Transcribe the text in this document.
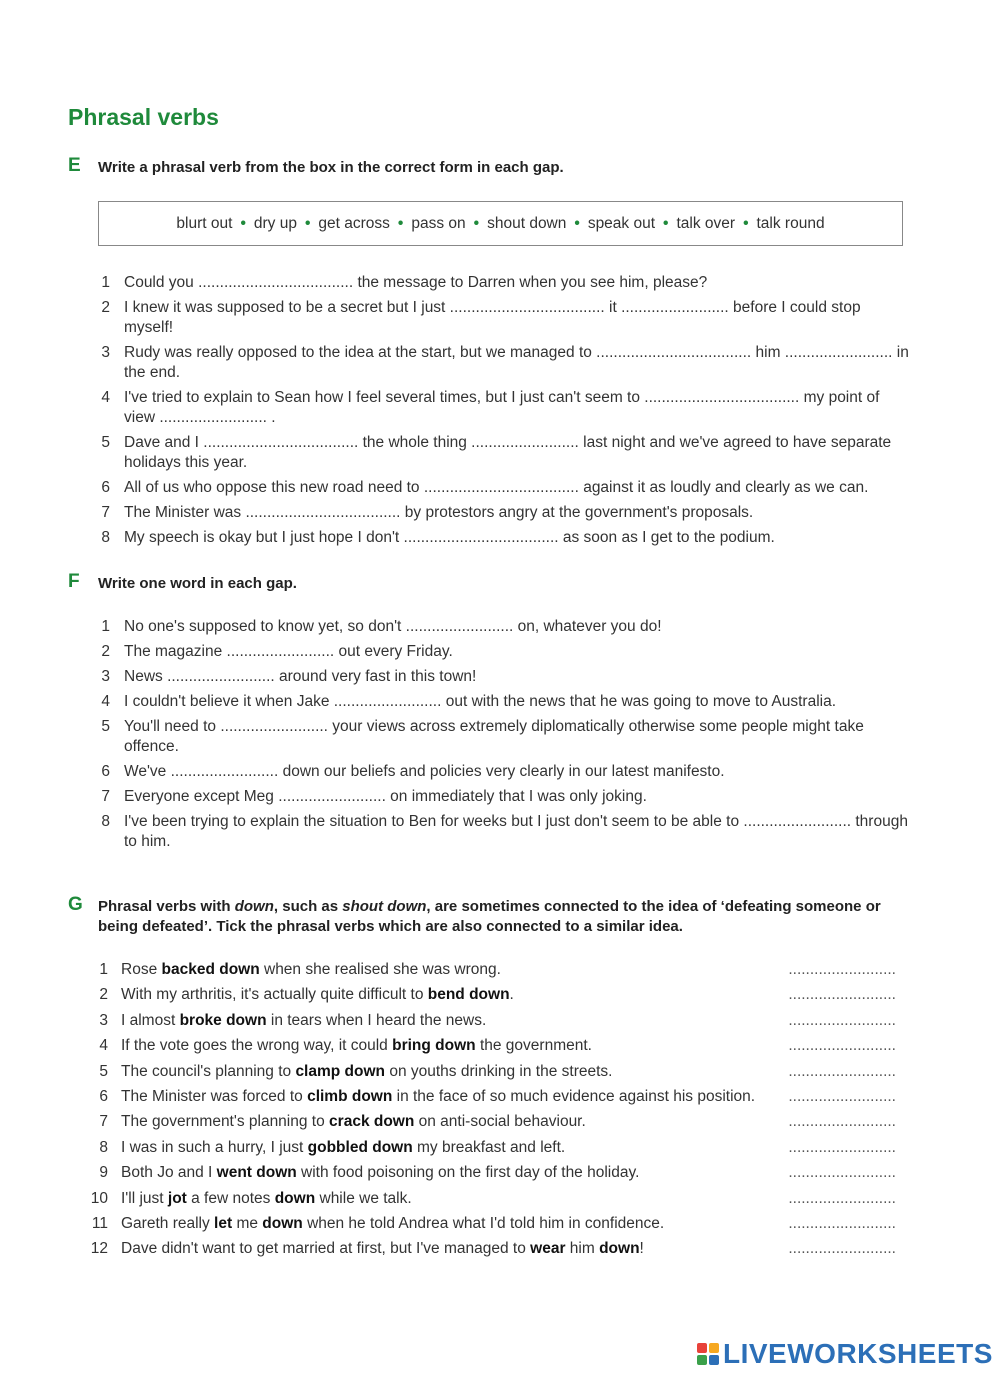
Phrasal verbs
E	Write a phrasal verb from the box in the correct form in each gap.
blurt out • dry up • get across • pass on • shout down • speak out • talk over • talk round
1 Could you .................................... the message to Darren when you see him, please?
2 I knew it was supposed to be a secret but I just .................................... it ......................... before I could stop myself!
3 Rudy was really opposed to the idea at the start, but we managed to .................................... him ......................... in the end.
4 I've tried to explain to Sean how I feel several times, but I just can't seem to .................................... my point of view ......................... .
5 Dave and I .................................... the whole thing ......................... last night and we've agreed to have separate holidays this year.
6 All of us who oppose this new road need to .................................... against it as loudly and clearly as we can.
7 The Minister was .................................... by protestors angry at the government's proposals.
8 My speech is okay but I just hope I don't .................................... as soon as I get to the podium.
F	Write one word in each gap.
1 No one's supposed to know yet, so don't ......................... on, whatever you do!
2 The magazine ......................... out every Friday.
3 News ......................... around very fast in this town!
4 I couldn't believe it when Jake ......................... out with the news that he was going to move to Australia.
5 You'll need to ......................... your views across extremely diplomatically otherwise some people might take offence.
6 We've ......................... down our beliefs and policies very clearly in our latest manifesto.
7 Everyone except Meg ......................... on immediately that I was only joking.
8 I've been trying to explain the situation to Ben for weeks but I just don't seem to be able to ......................... through to him.
G	Phrasal verbs with down, such as shout down, are sometimes connected to the idea of ‘defeating someone or being defeated’. Tick the phrasal verbs which are also connected to a similar idea.
1 Rose backed down when she realised she was wrong.	.........................
2 With my arthritis, it's actually quite difficult to bend down.	.........................
3 I almost broke down in tears when I heard the news.	.........................
4 If the vote goes the wrong way, it could bring down the government.	.........................
5 The council's planning to clamp down on youths drinking in the streets.	.........................
6 The Minister was forced to climb down in the face of so much evidence against his position. .........................
7 The government's planning to crack down on anti-social behaviour.	.........................
8 I was in such a hurry, I just gobbled down my breakfast and left.	.........................
9 Both Jo and I went down with food poisoning on the first day of the holiday.	.........................
10 I'll just jot a few notes down while we talk.	.........................
11 Gareth really let me down when he told Andrea what I'd told him in confidence.	.........................
12 Dave didn't want to get married at first, but I've managed to wear him down!	.........................
LIVEWORKSHEETS
